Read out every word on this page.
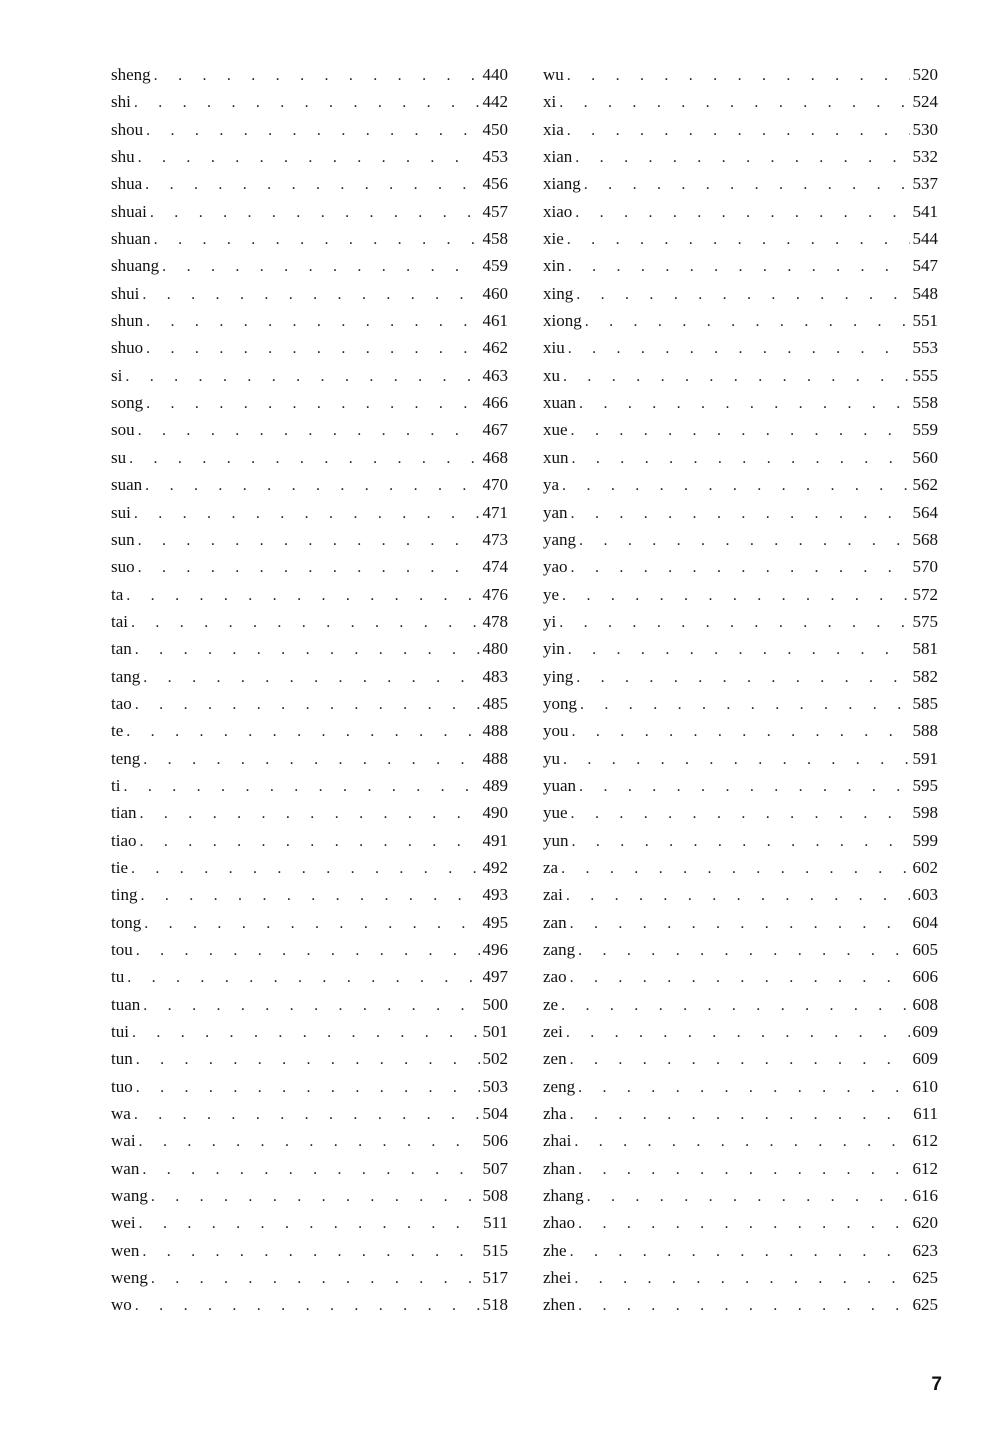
sheng . . .	440
shi . . .	442
shou . . .	450
shu . . .	453
shua . . .	456
shuai . . .	457
shuan . . .	458
shuang . . .	459
shui . . .	460
shun . . .	461
shuo . . .	462
si . . .	463
song . . .	466
sou . . .	467
su . . .	468
suan . . .	470
sui . . .	471
sun . . .	473
suo . . .	474
ta . . .	476
tai . . .	478
tan . . .	480
tang . . .	483
tao . . .	485
te . . .	488
teng . . .	488
ti . . .	489
tian . . .	490
tiao . . .	491
tie . . .	492
ting . . .	493
tong . . .	495
tou . . .	496
tu . . .	497
tuan . . .	500
tui . . .	501
tun . . .	502
tuo . . .	503
wa . . .	504
wai . . .	506
wan . . .	507
wang . . .	508
wei . . .	511
wen . . .	515
weng . . .	517
wo . . .	518
wu . . .	520
xi . . .	524
xia . . .	530
xian . . .	532
xiang . . .	537
xiao . . .	541
xie . . .	544
xin . . .	547
xing . . .	548
xiong . . .	551
xiu . . .	553
xu . . .	555
xuan . . .	558
xue . . .	559
xun . . .	560
ya . . .	562
yan . . .	564
yang . . .	568
yao . . .	570
ye . . .	572
yi . . .	575
yin . . .	581
ying . . .	582
yong . . .	585
you . . .	588
yu . . .	591
yuan . . .	595
yue . . .	598
yun . . .	599
za . . .	602
zai . . .	603
zan . . .	604
zang . . .	605
zao . . .	606
ze . . .	608
zei . . .	609
zen . . .	609
zeng . . .	610
zha . . .	611
zhai . . .	612
zhan . . .	612
zhang . . .	616
zhao . . .	620
zhe . . .	623
zhei . . .	625
zhen . . .	625
7
